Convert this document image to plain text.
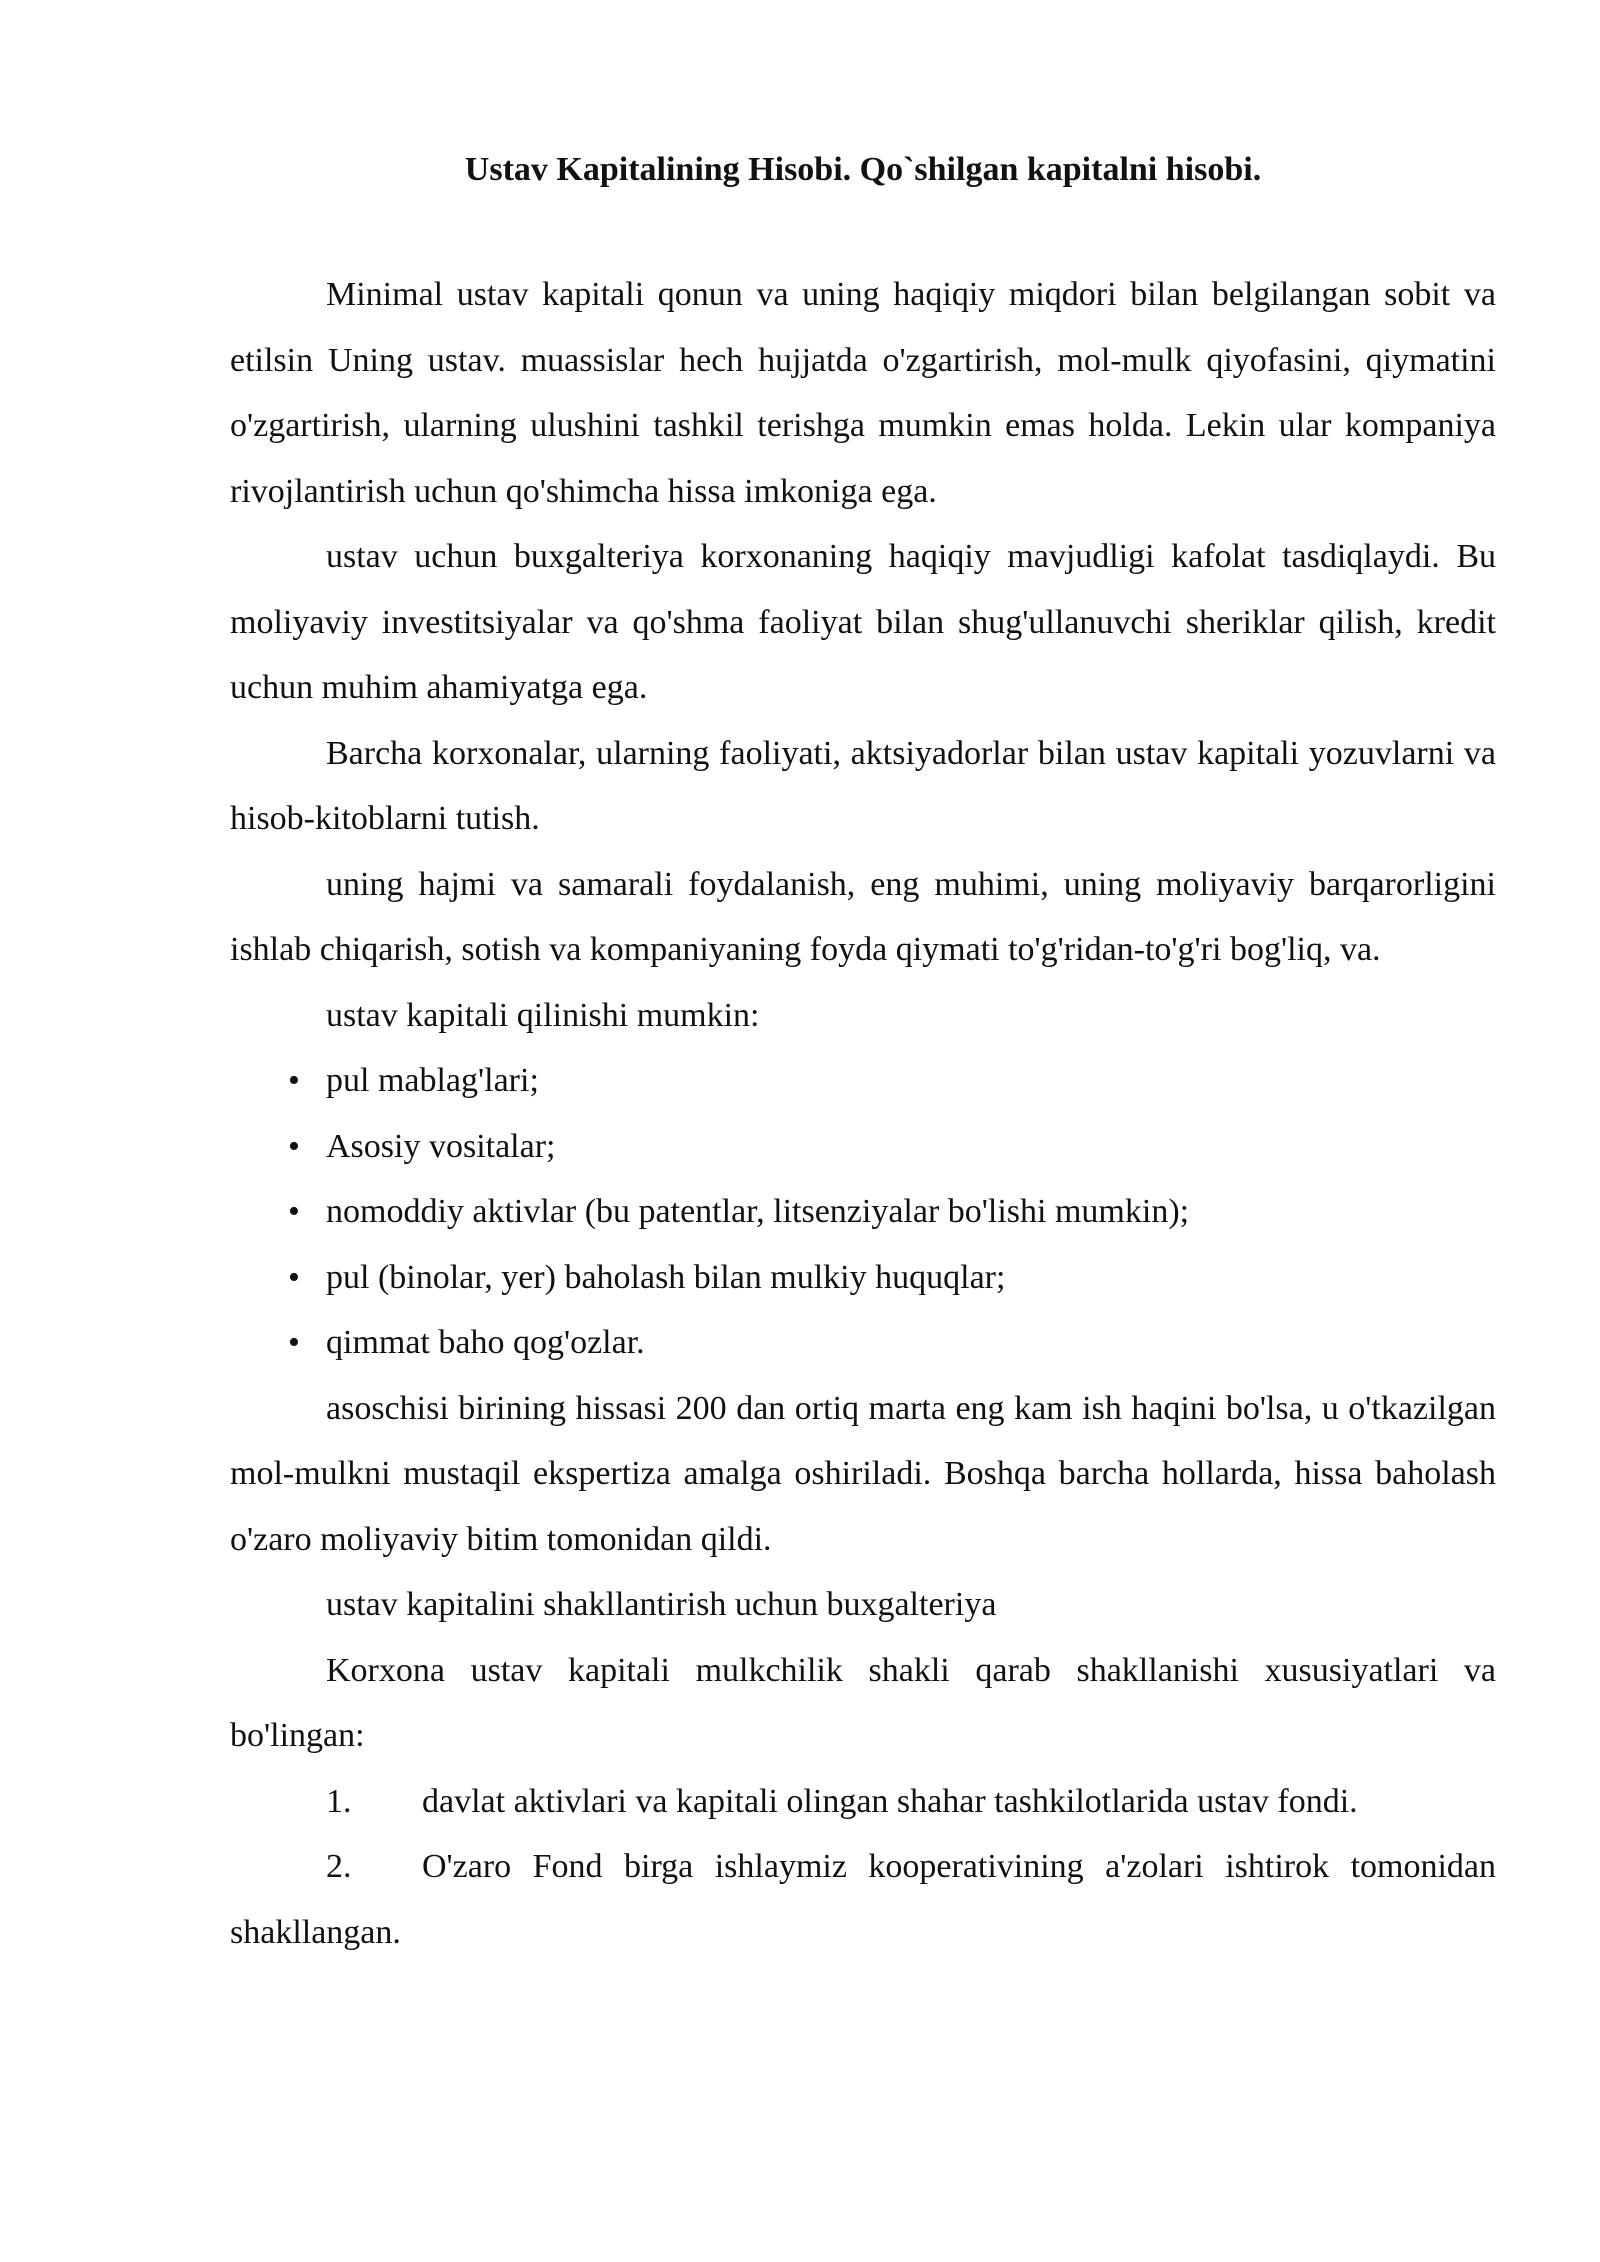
Ustav Kapitalining Hisobi. Qo`shilgan kapitalni hisobi.

Minimal ustav kapitali qonun va uning haqiqiy miqdori bilan belgilangan sobit va etilsin Uning ustav. muassislar hech hujjatda o'zgartirish, mol-mulk qiyofasini, qiymatini o'zgartirish, ularning ulushini tashkil terishga mumkin emas holda. Lekin ular kompaniya rivojlantirish uchun qo'shimcha hissa imkoniga ega.

ustav uchun buxgalteriya korxonaning haqiqiy mavjudligi kafolat tasdiqlaydi. Bu moliyaviy investitsiyalar va qo'shma faoliyat bilan shug'ullanuvchi sheriklar qilish, kredit uchun muhim ahamiyatga ega.

Barcha korxonalar, ularning faoliyati, aktsiyadorlar bilan ustav kapitali yozuvlarni va hisob-kitoblarni tutish.

uning hajmi va samarali foydalanish, eng muhimi, uning moliyaviy barqarorligini ishlab chiqarish, sotish va kompaniyaning foyda qiymati to'g'ridan-to'g'ri bog'liq, va.

ustav kapitali qilinishi mumkin:

• pul mablag'lari;
• Asosiy vositalar;
• nomoddiy aktivlar (bu patentlar, litsenziyalar bo'lishi mumkin);
• pul (binolar, yer) baholash bilan mulkiy huquqlar;
• qimmat baho qog'ozlar.

asoschisi birining hissasi 200 dan ortiq marta eng kam ish haqini bo'lsa, u o'tkazilgan mol-mulkni mustaqil ekspertiza amalga oshiriladi. Boshqa barcha hollarda, hissa baholash o'zaro moliyaviy bitim tomonidan qildi.

ustav kapitalini shakllantirish uchun buxgalteriya

Korxona ustav kapitali mulkchilik shakli qarab shakllanishi xususiyatlari va bo'lingan:

1. davlat aktivlari va kapitali olingan shahar tashkilotlarida ustav fondi.

2. O'zaro Fond birga ishlaymiz kooperativining a'zolari ishtirok tomonidan shakllangan.
